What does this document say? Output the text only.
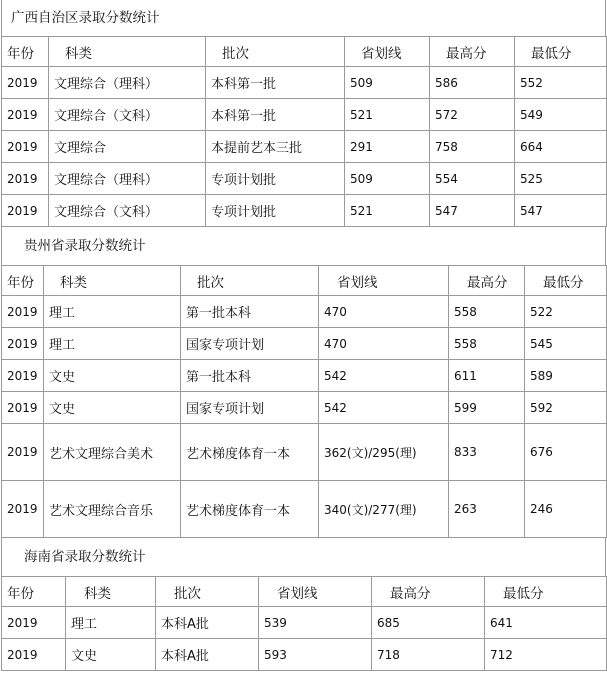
广西自治区录取分数统计
年份	科类	批次	省划线	最高分	最低分
2019	文理综合（理科）	本科第一批	509	586	552
2019	文理综合（文科）	本科第一批	521	572	549
2019	文理综合	本提前艺本三批	291	758	664
2019	文理综合（理科）	专项计划批	509	554	525
2019	文理综合（文科）	专项计划批	521	547	547
贵州省录取分数统计
年份	科类	批次	省划线	最高分	最低分
2019	理工	第一批本科	470	558	522
2019	理工	国家专项计划	470	558	545
2019	文史	第一批本科	542	611	589
2019	文史	国家专项计划	542	599	592
2019	艺术文理综合美术	艺术梯度体育一本	362(文)/295(理)	833	676
2019	艺术文理综合音乐	艺术梯度体育一本	340(文)/277(理)	263	246
海南省录取分数统计
年份	科类	批次	省划线	最高分	最低分
2019	理工	本科A批	539	685	641
2019	文史	本科A批	593	718	712
